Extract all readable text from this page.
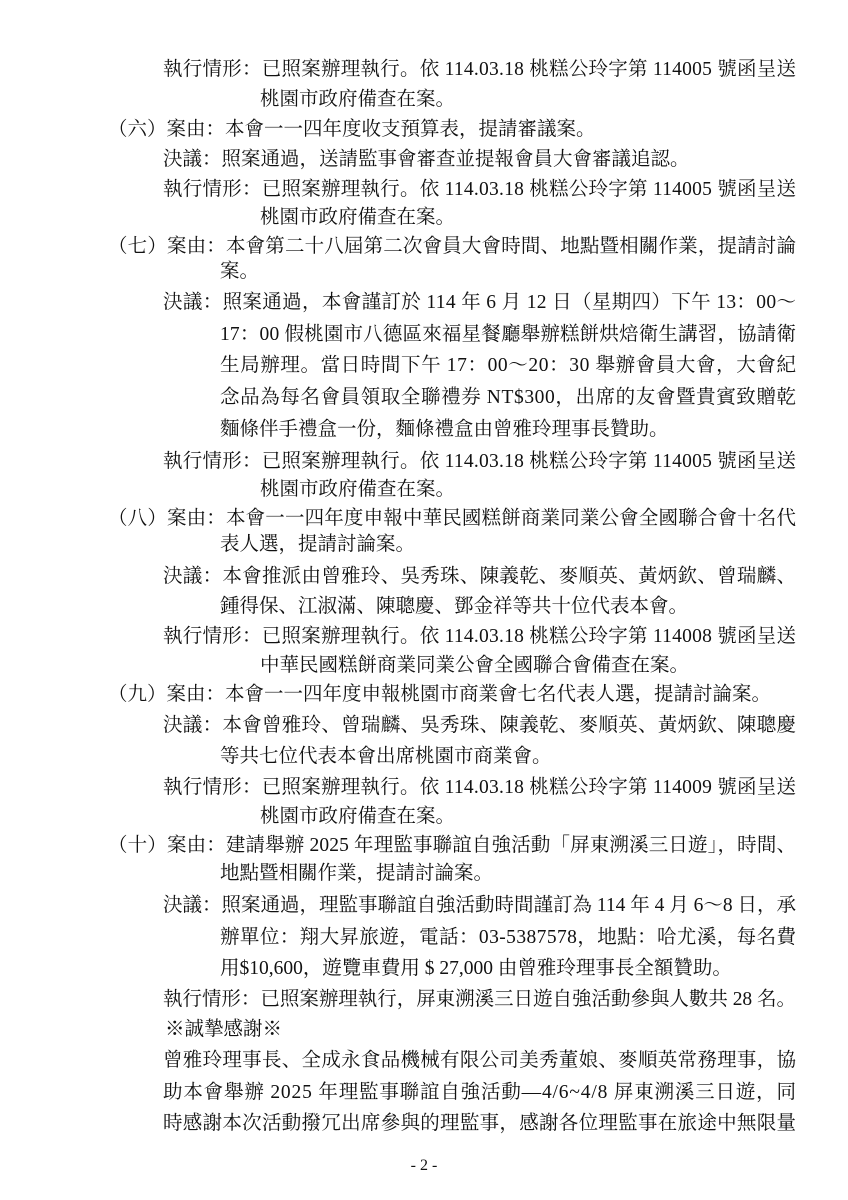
執行情形：已照案辦理執行。依 114.03.18 桃糕公玲字第 114005 號函呈送
桃園市政府備查在案。
（六）案由：本會一一四年度收支預算表，提請審議案。
決議：照案通過，送請監事會審查並提報會員大會審議追認。
執行情形：已照案辦理執行。依 114.03.18 桃糕公玲字第 114005 號函呈送
桃園市政府備查在案。
（七）案由：本會第二十八屆第二次會員大會時間、地點暨相關作業，提請討論
案。
決議：照案通過，本會謹訂於 114 年 6 月 12 日（星期四）下午 13：00～
17：00 假桃園市八德區來福星餐廳舉辦糕餅烘焙衛生講習，協請衛
生局辦理。當日時間下午 17：00～20：30 舉辦會員大會，大會紀
念品為每名會員領取全聯禮券 NT$300，出席的友會暨貴賓致贈乾
麵條伴手禮盒一份，麵條禮盒由曾雅玲理事長贊助。
執行情形：已照案辦理執行。依 114.03.18 桃糕公玲字第 114005 號函呈送
桃園市政府備查在案。
（八）案由：本會一一四年度申報中華民國糕餅商業同業公會全國聯合會十名代
表人選，提請討論案。
決議：本會推派由曾雅玲、吳秀珠、陳義乾、麥順英、黃炳欽、曾瑞麟、
鍾得保、江淑滿、陳聰慶、鄧金祥等共十位代表本會。
執行情形：已照案辦理執行。依 114.03.18 桃糕公玲字第 114008 號函呈送
中華民國糕餅商業同業公會全國聯合會備查在案。
（九）案由：本會一一四年度申報桃園市商業會七名代表人選，提請討論案。
決議：本會曾雅玲、曾瑞麟、吳秀珠、陳義乾、麥順英、黃炳欽、陳聰慶
等共七位代表本會出席桃園市商業會。
執行情形：已照案辦理執行。依 114.03.18 桃糕公玲字第 114009 號函呈送
桃園市政府備查在案。
（十）案由：建請舉辦 2025 年理監事聯誼自強活動「屏東溯溪三日遊」，時間、
地點暨相關作業，提請討論案。
決議：照案通過，理監事聯誼自強活動時間謹訂為 114 年 4 月 6～8 日，承
辦單位：翔大昇旅遊，電話：03-5387578，地點：哈尤溪，每名費
用$10,600，遊覽車費用 $ 27,000 由曾雅玲理事長全額贊助。
執行情形：已照案辦理執行，屏東溯溪三日遊自強活動參與人數共 28 名。
※誠摯感謝※
曾雅玲理事長、全成永食品機械有限公司美秀董娘、麥順英常務理事，協
助本會舉辦 2025 年理監事聯誼自強活動—4/6~4/8 屏東溯溪三日遊，同
時感謝本次活動撥冗出席參與的理監事，感謝各位理監事在旅途中無限量
- 2 -
